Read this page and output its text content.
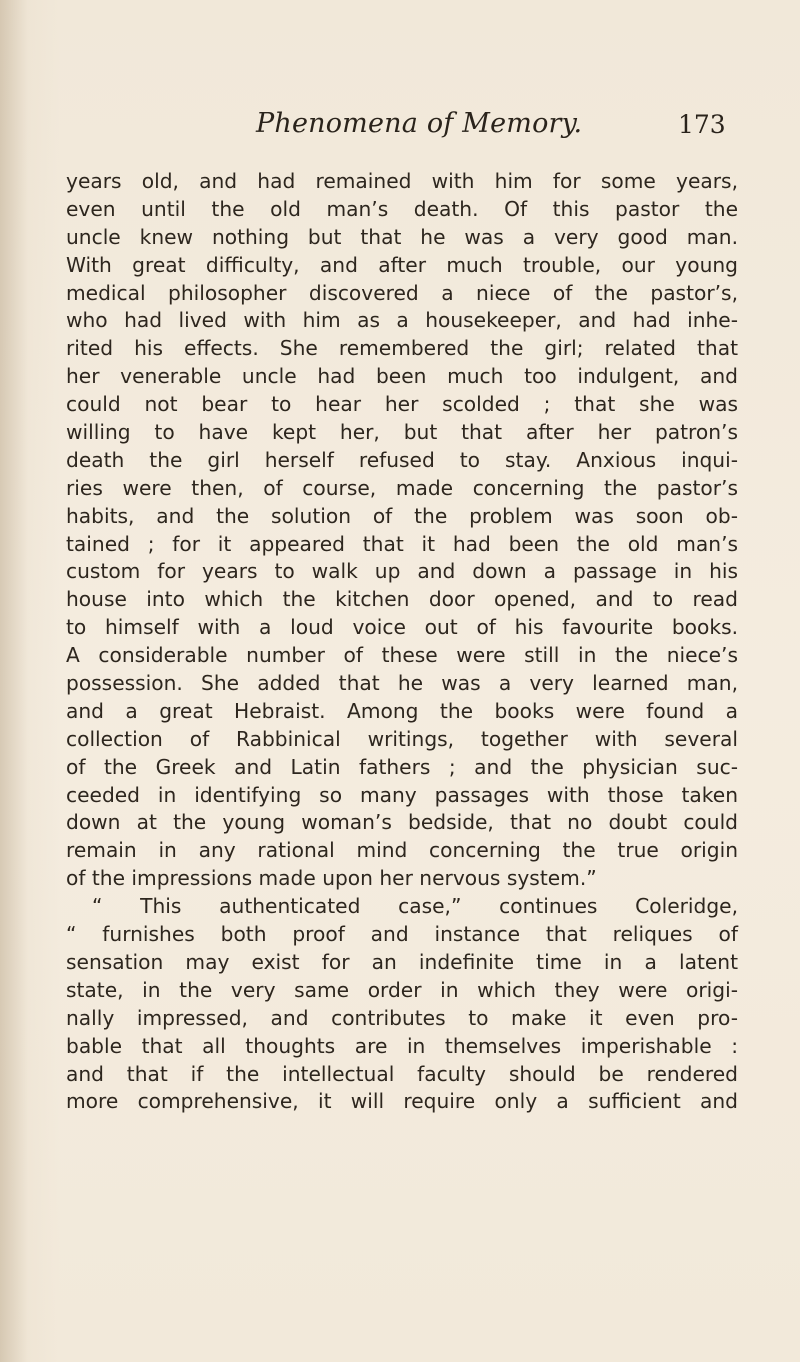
Phenomena of Memory.	173
years old, and had remained with him for some years,
even until the old man’s death. Of this pastor the
uncle knew nothing but that he was a very good man.
With great difficulty, and after much trouble, our young
medical philosopher discovered a niece of the pastor’s,
who had lived with him as a housekeeper, and had inhe-
rited his effects. She remembered the girl; related that
her venerable uncle had been much too indulgent, and
could not bear to hear her scolded ; that she was
willing to have kept her, but that after her patron’s
death the girl herself refused to stay. Anxious inqui-
ries were then, of course, made concerning the pastor’s
habits, and the solution of the problem was soon ob-
tained ; for it appeared that it had been the old man’s
custom for years to walk up and down a passage in his
house into which the kitchen door opened, and to read
to himself with a loud voice out of his favourite books.
A considerable number of these were still in the niece’s
possession. She added that he was a very learned man,
and a great Hebraist. Among the books were found a
collection of Rabbinical writings, together with several
of the Greek and Latin fathers ; and the physician suc-
ceeded in identifying so many passages with those taken
down at the young woman’s bedside, that no doubt could
remain in any rational mind concerning the true origin
of the impressions made upon her nervous system.”
“ This authenticated case,” continues Coleridge,
“ furnishes both proof and instance that reliques of
sensation may exist for an indefinite time in a latent
state, in the very same order in which they were origi-
nally impressed, and contributes to make it even pro-
bable that all thoughts are in themselves imperishable :
and that if the intellectual faculty should be rendered
more comprehensive, it will require only a sufficient and
